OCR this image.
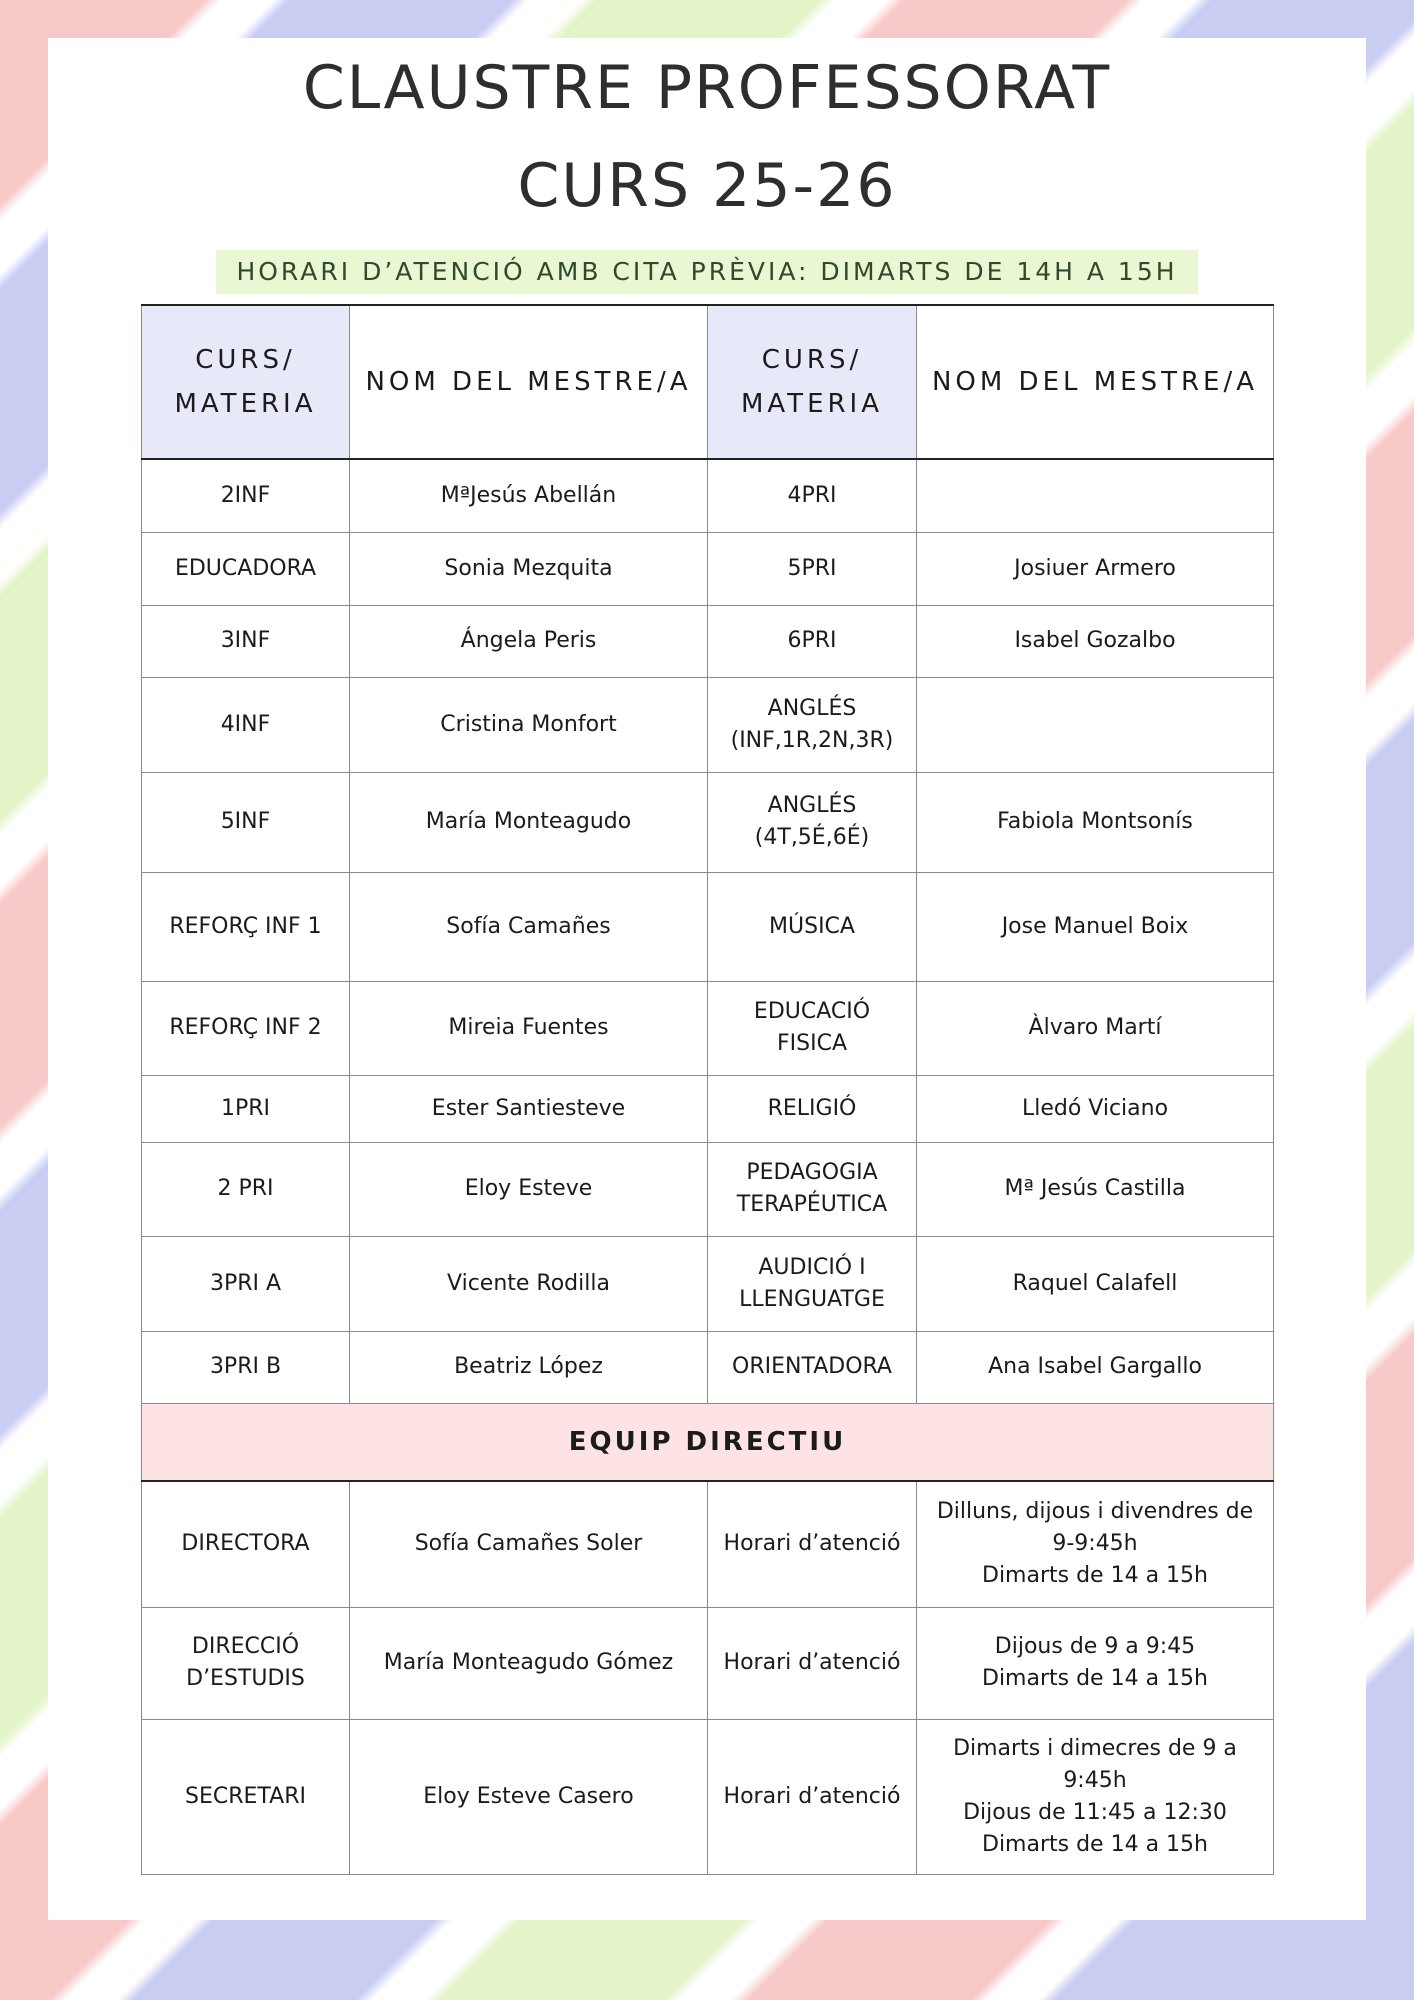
CLAUSTRE PROFESSORAT
CURS 25-26
HORARI D’ATENCIÓ AMB CITA PRÈVIA: DIMARTS DE 14H A 15H
CURS/
MATERIA	NOM DEL MESTRE/A	CURS/
MATERIA	NOM DEL MESTRE/A
2INF	MªJesús Abellán	4PRI	
EDUCADORA	Sonia Mezquita	5PRI	Josiuer Armero
3INF	Ángela Peris	6PRI	Isabel Gozalbo
4INF	Cristina Monfort	ANGLÉS
(INF,1R,2N,3R)	
5INF	María Monteagudo	ANGLÉS
(4T,5É,6É)	Fabiola Montsonís
REFORÇ INF 1	Sofía Camañes	MÚSICA	Jose Manuel Boix
REFORÇ INF 2	Mireia Fuentes	EDUCACIÓ
FISICA	Àlvaro Martí
1PRI	Ester Santiesteve	RELIGIÓ	Lledó Viciano
2 PRI	Eloy Esteve	PEDAGOGIA
TERAPÉUTICA	Mª Jesús Castilla
3PRI A	Vicente Rodilla	AUDICIÓ I
LLENGUATGE	Raquel Calafell
3PRI B	Beatriz López	ORIENTADORA	Ana Isabel Gargallo
EQUIP DIRECTIU			
DIRECTORA	Sofía Camañes Soler	Horari d’atenció	Dilluns, dijous i divendres de
9-9:45h
Dimarts de 14 a 15h
DIRECCIÓ
D’ESTUDIS	María Monteagudo Gómez	Horari d’atenció	Dijous de 9 a 9:45
Dimarts de 14 a 15h
SECRETARI	Eloy Esteve Casero	Horari d’atenció	Dimarts i dimecres de 9 a
9:45h
Dijous de 11:45 a 12:30
Dimarts de 14 a 15h
